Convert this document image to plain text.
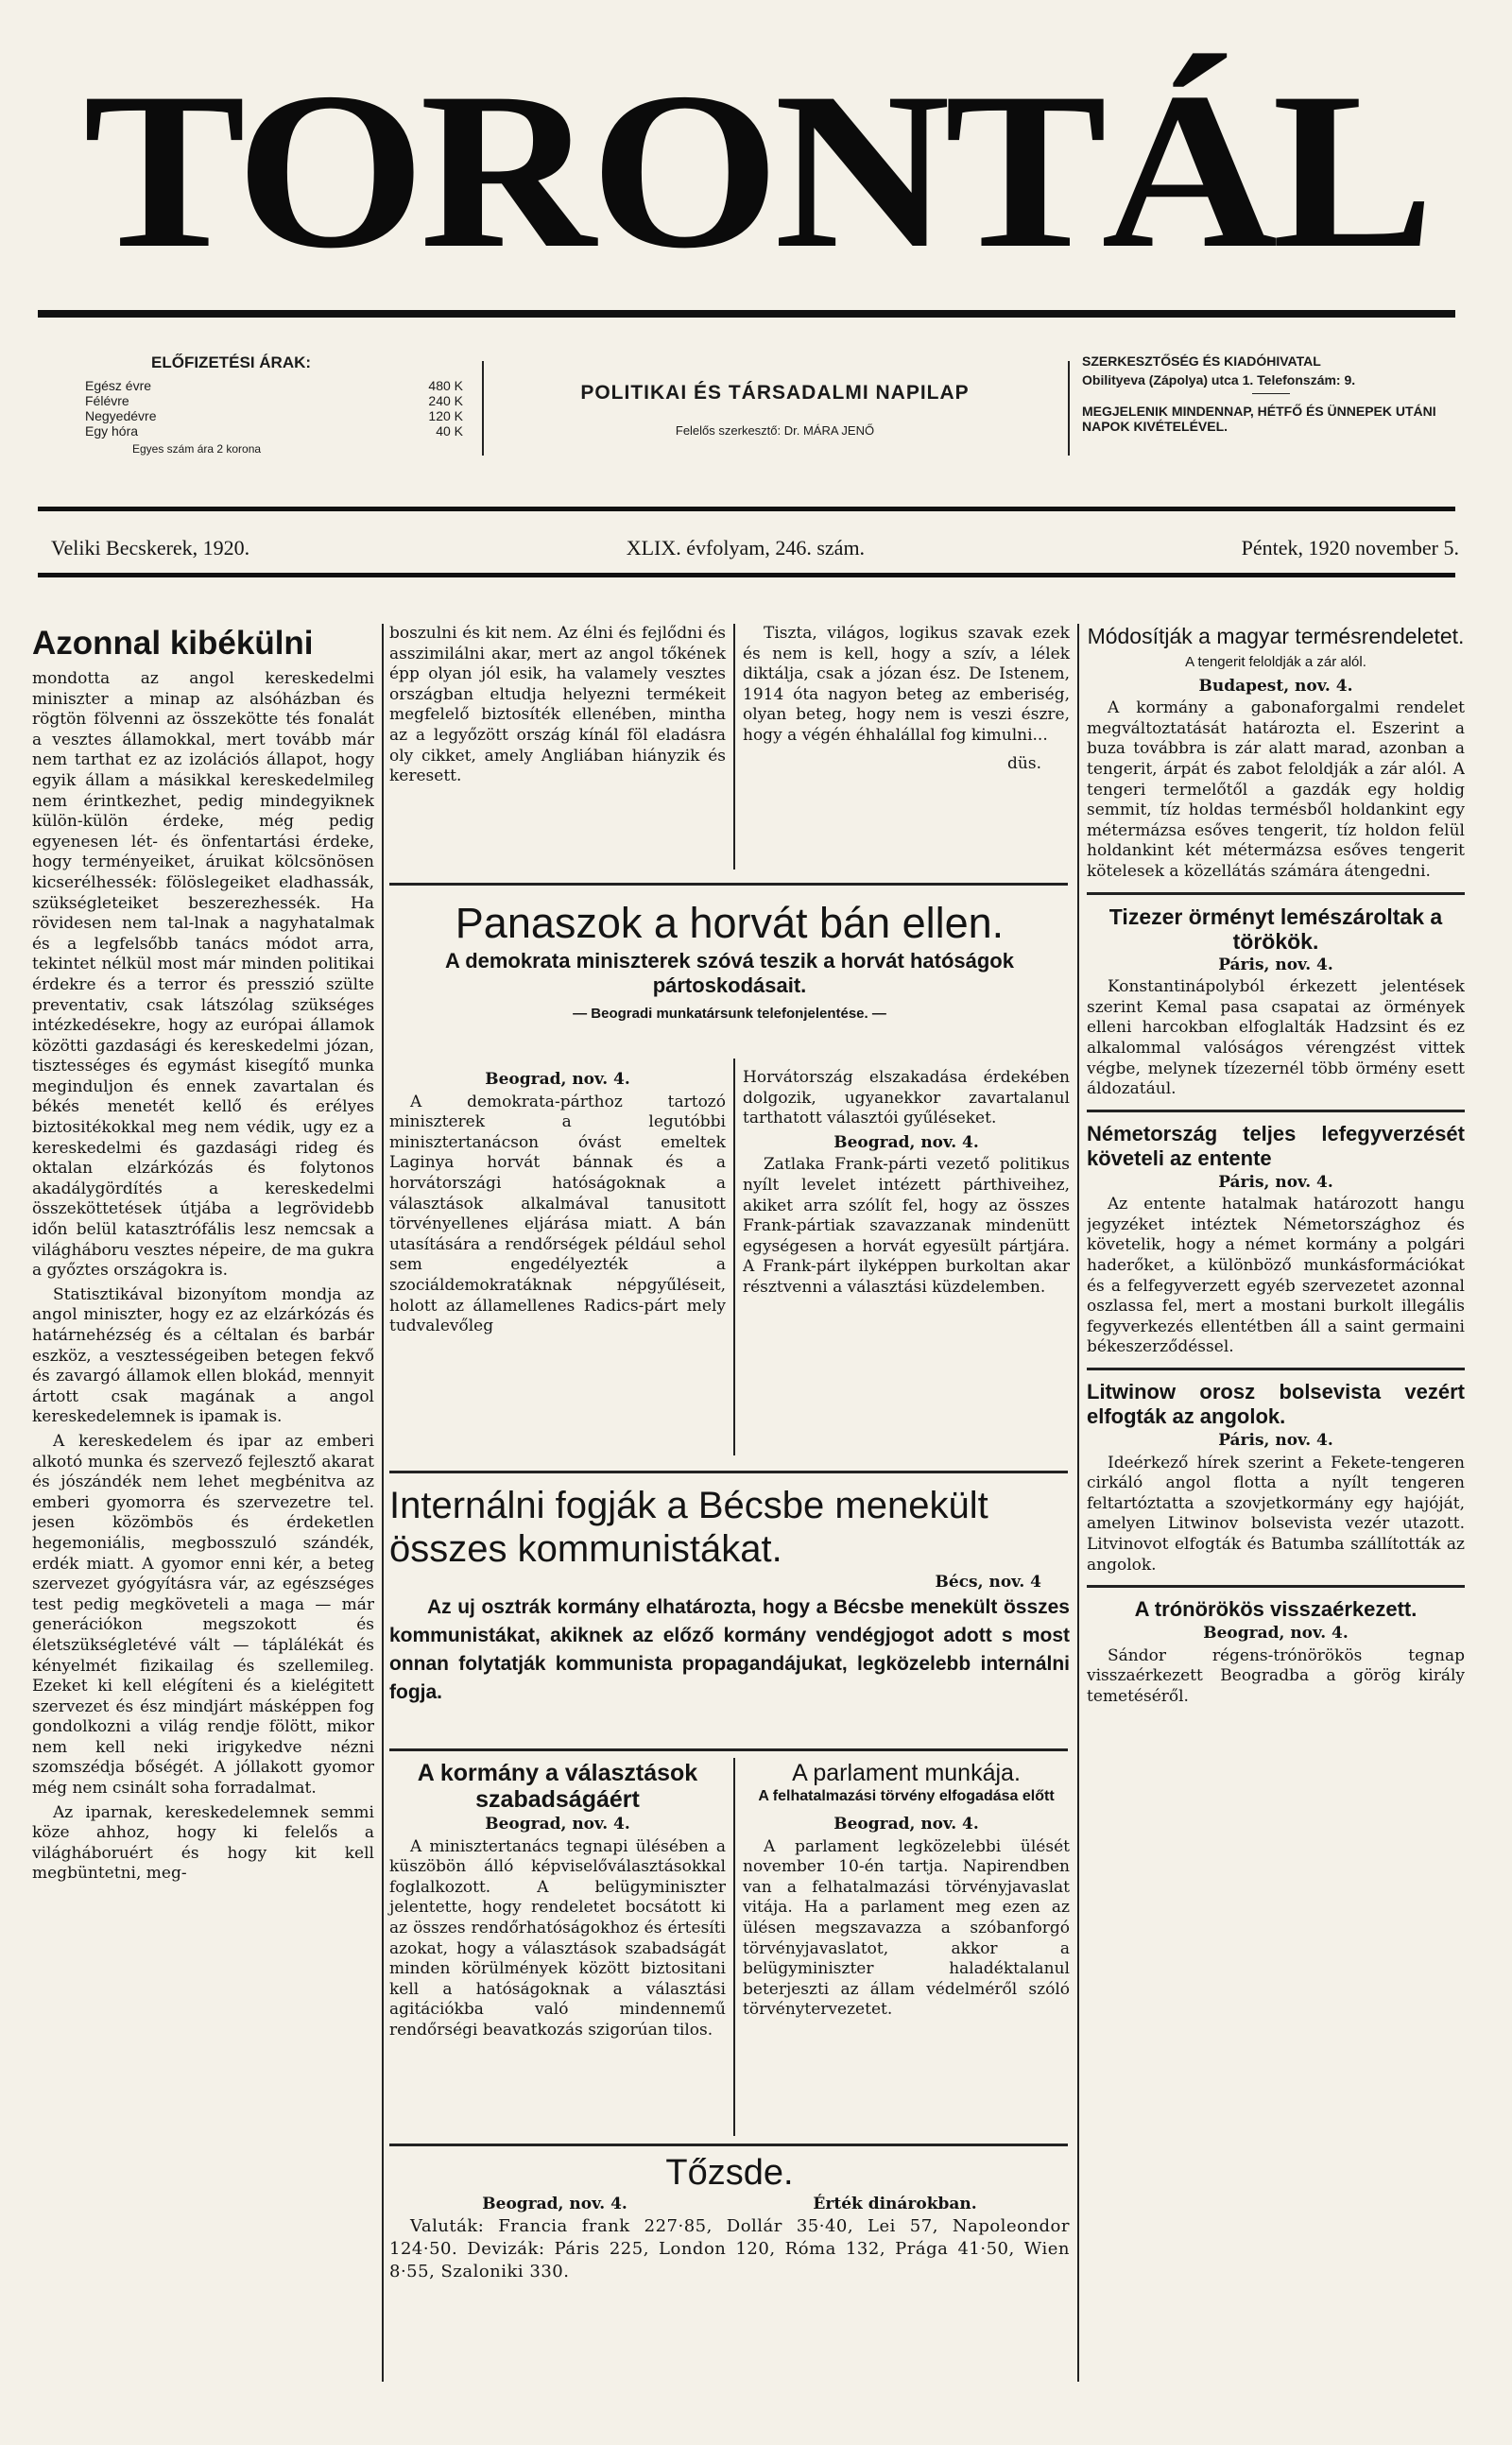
TORONTÁL
ELŐFIZETÉSI ÁRAK:
Egész évre	480 K
Félévre	240 K
Negyedévre	120 K
Egy hóra	40 K
Egyes szám ára 2 korona
POLITIKAI ÉS TÁRSADALMI NAPILAP
Felelős szerkesztő: Dr. MÁRA JENŐ
SZERKESZTŐSÉG ÉS KIADÓHIVATAL
Obilityeva (Zápolya) utca 1. Telefonszám: 9.
MEGJELENIK MINDENNAP, HÉTFŐ ÉS ÜNNEPEK UTÁNI NAPOK KIVÉTELÉVEL.
Veliki Becskerek, 1920.	XLIX. évfolyam, 246. szám.	Péntek, 1920 november 5.
Azonnal kibékülni

mondotta az angol kereskedelmi miniszter a minap az alsóházban és rögtön fölvenni az összekötte tés fonalát a vesztes államokkal, mert tovább már nem tarthat ez az izolációs állapot, hogy egyik állam a másikkal kereskedelmileg nem érintkezhet, pedig mindegyiknek külön-külön érdeke, még pedig egyenesen lét- és önfentartási érdeke, hogy terményeiket, áruikat kölcsönösen kicserélhessék: fölöslegeiket eladhassák, szükségleteiket beszerezhessék. Ha rövidesen nem tal-lnak a nagyhatalmak és a legfelsőbb tanács módot arra, tekintet nélkül most már minden politikai érdekre és a terror és presszió szülte preventativ, csak látszólag szükséges intézkedésekre, hogy az európai államok közötti gazdasági és kereskedelmi józan, tisztességes és egymást kisegítő munka meginduljon és ennek zavartalan és békés menetét kellő és erélyes biztositékokkal meg nem védik, ugy ez a kereskedelmi és gazdasági rideg és oktalan elzárkózás és folytonos akadálygördítés a kereskedelmi összeköttetések útjába a legrövidebb időn belül katasztrófális lesz nemcsak a világháboru vesztes népeire, de ma gukra a győztes országokra is.

Statisztikával bizonyítom mondja az angol miniszter, hogy ez az elzárkózás és határnehézség és a céltalan és barbár eszköz, a vesztességeiben betegen fekvő és zavargó államok ellen blokád, mennyit ártott csak magának a angol kereskedelemnek is ipamak is.

A kereskedelem és ipar az emberi alkotó munka és szervező fejlesztő akarat és jószándék nem lehet megbénitva az emberi gyomorra és szervezetre tel. jesen közömbös és érdeketlen hegemoniális, megbosszuló szándék, erdék miatt. A gyomor enni kér, a beteg szervezet gyógyításra vár, az egészséges test pedig megköveteli a maga — már generációkon megszokott és életszükségletévé vált — táplálékát és kényelmét fizikailag és szellemileg. Ezeket ki kell elégíteni és a kielégitett szervezet és ész mindjárt másképpen fog gondolkozni a világ rendje fölött, mikor nem kell neki irigykedve nézni szomszédja bőségét. A jóllakott gyomor még nem csinált soha forradalmat.

Az iparnak, kereskedelemnek semmi köze ahhoz, hogy ki felelős a világháboruért és hogy kit kell megbüntetni, meg-

boszulni és kit nem. Az élni és fejlődni és asszimilálni akar, mert az angol tőkének épp olyan jól esik, ha valamely vesztes országban eltudja helyezni termékeit megfelelő biztosíték ellenében, mintha az a legyőzött ország kínál föl eladásra oly cikket, amely Angliában hiányzik és keresett.

Tiszta, világos, logikus szavak ezek és nem is kell, hogy a szív, a lélek diktálja, csak a józan ész. De Istenem, 1914 óta nagyon beteg az emberiség, olyan beteg, hogy nem is veszi észre, hogy a végén éhhalállal fog kimulni...

düs.
Panaszok a horvát bán ellen.
A demokrata miniszterek szóvá teszik a horvát hatóságok pártoskodásait.
— Beogradi munkatársunk telefonjelentése. —
Beograd, nov. 4.

A demokrata-párthoz tartozó miniszterek a legutóbbi minisztertanácson óvást emeltek Laginya horvát bánnak és a horvátországi hatóságoknak a választások alkalmával tanusitott törvényellenes eljárása miatt. A bán utasítására a rendőrségek például sehol sem engedélyezték a szociáldemokratáknak népgyűléseit, holott az államellenes Radics-párt mely tudvalevőleg

Horvátország elszakadása érdekében dolgozik, ugyanekkor zavartalanul tarthatott választói gyűléseket.

Beograd, nov. 4.

Zatlaka Frank-párti vezető politikus nyílt levelet intézett párthiveihez, akiket arra szólít fel, hogy az összes Frank-pártiak szavazzanak mindenütt egységesen a horvát egyesült pártjára. A Frank-párt ilyképpen burkoltan akar résztvenni a választási küzdelemben.

Internálni fogják a Bécsbe menekült összes kommunistákat.
Bécs, nov. 4
Az uj osztrák kormány elhatározta, hogy a Bécsbe menekült összes kommunistákat, akiknek az előző kormány vendégjogot adott s most onnan folytatják kommunista propagandájukat, legközelebb internálni fogja.
A kormány a választások szabadságáért
Beograd, nov. 4.

A minisztertanács tegnapi ülésében a küszöbön álló képviselőválasztásokkal foglalkozott. A belügyminiszter jelentette, hogy rendeletet bocsátott ki az összes rendőrhatóságokhoz és értesíti azokat, hogy a választások szabadságát minden körülmények között biztositani kell a hatóságoknak a választási agitációkba való mindennemű rendőrségi beavatkozás szigorúan tilos.

A parlament munkája.
A felhatalmazási törvény elfogadása előtt
Beograd, nov. 4.

A parlament legközelebbi ülését november 10-én tartja. Napirendben van a felhatalmazási törvényjavaslat vitája. Ha a parlament meg ezen az ülésen megszavazza a szóbanforgó törvényjavaslatot, akkor a belügyminiszter haladéktalanul beterjeszti az állam védelméről szóló törvénytervezetet.

Tőzsde.
Beograd, nov. 4.	Érték dinárokban.

Valuták: Francia frank 227·85, Dollár 35·40, Lei 57, Napoleondor 124·50. Devizák: Páris 225, London 120, Róma 132, Prága 41·50, Wien 8·55, Szaloniki 330.

Módosítják a magyar termésrendeletet.
A tengerit feloldják a zár alól.
Budapest, nov. 4.

A kormány a gabonaforgalmi rendelet megváltoztatását határozta el. Eszerint a buza továbbra is zár alatt marad, azonban a tengerit, árpát és zabot feloldják a zár alól. A tengeri termelőtől a gazdák egy holdig semmit, tíz holdas termésből holdankint egy métermázsa esőves tengerit, tíz holdon felül holdankint két métermázsa esőves tengerit kötelesek a közellátás számára átengedni.

Tizezer örményt lemészároltak a törökök.
Páris, nov. 4.

Konstantinápolyból érkezett jelentések szerint Kemal pasa csapatai az örmények elleni harcokban elfoglalták Hadzsint és ez alkalommal valóságos vérengzést vittek végbe, melynek tízezernél több örmény esett áldozatául.

Németország teljes lefegyverzését követeli az entente
Páris, nov. 4.

Az entente hatalmak határozott hangu jegyzéket intéztek Németországhoz és követelik, hogy a német kormány a polgári haderőket, a különböző munkásformációkat és a felfegyverzett egyéb szervezetet azonnal oszlassa fel, mert a mostani burkolt illegális fegyverkezés ellentétben áll a saint germaini békeszerződéssel.

Litwinow orosz bolsevista vezért elfogták az angolok.
Páris, nov. 4.

Ideérkező hírek szerint a Fekete-tengeren cirkáló angol flotta a nyílt tengeren feltartóztatta a szovjetkormány egy hajóját, amelyen Litwinov bolsevista vezér utazott. Litvinovot elfogták és Batumba szállították az angolok.

A trónörökös visszaérkezett.
Beograd, nov. 4.

Sándor régens-trónörökös tegnap visszaérkezett Beogradba a görög király temetéséről.
